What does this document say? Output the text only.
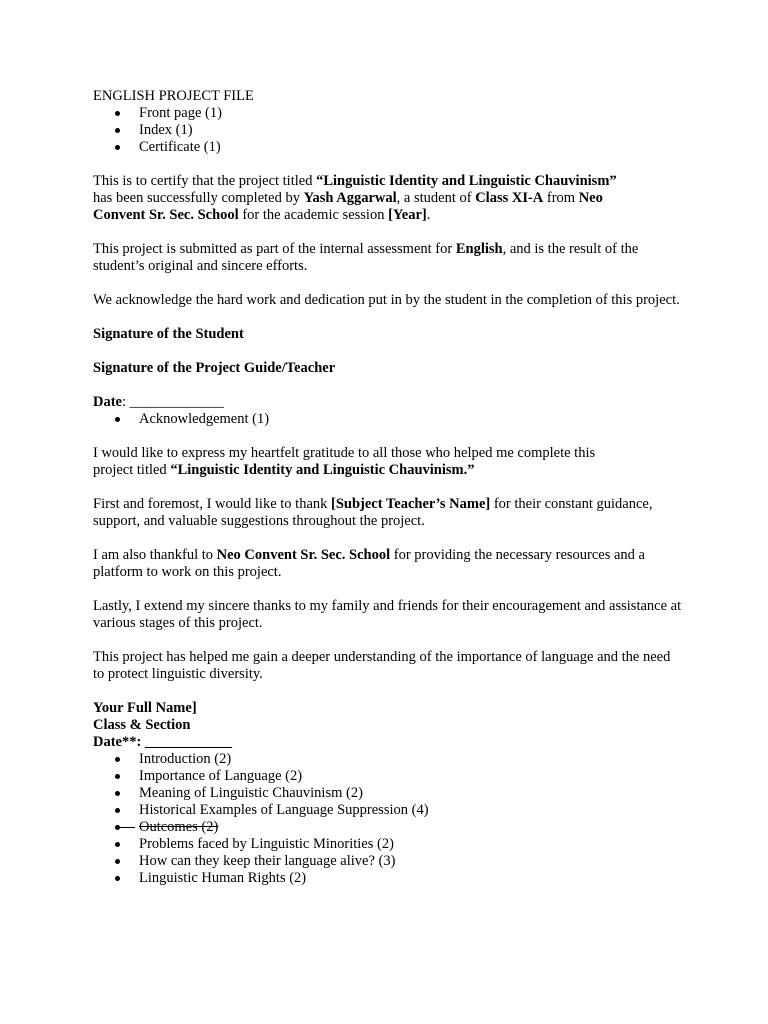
ENGLISH PROJECT FILE

Front page (1)
Index (1)
Certificate (1)

This is to certify that the project titled “Linguistic Identity and Linguistic Chauvinism”
has been successfully completed by Yash Aggarwal, a student of Class XI-A from Neo
Convent Sr. Sec. School for the academic session [Year].

This project is submitted as part of the internal assessment for English, and is the result of the student’s original and sincere efforts.

We acknowledge the hard work and dedication put in by the student in the completion of this project.

Signature of the Student

Signature of the Project Guide/Teacher

Date: _____________

Acknowledgement (1)

I would like to express my heartfelt gratitude to all those who helped me complete this
project titled “Linguistic Identity and Linguistic Chauvinism.”

First and foremost, I would like to thank [Subject Teacher’s Name] for their constant guidance, support, and valuable suggestions throughout the project.

I am also thankful to Neo Convent Sr. Sec. School for providing the necessary resources and a platform to work on this project.

Lastly, I extend my sincere thanks to my family and friends for their encouragement and assistance at various stages of this project.

This project has helped me gain a deeper understanding of the importance of language and the need to protect linguistic diversity.

Your Full Name]

Class & Section

Date**: ____________

Introduction (2)
Importance of Language (2)
Meaning of Linguistic Chauvinism (2)
Historical Examples of Language Suppression (4)
Outcomes (2)
Problems faced by Linguistic Minorities (2)
How can they keep their language alive? (3)
Linguistic Human Rights (2)
